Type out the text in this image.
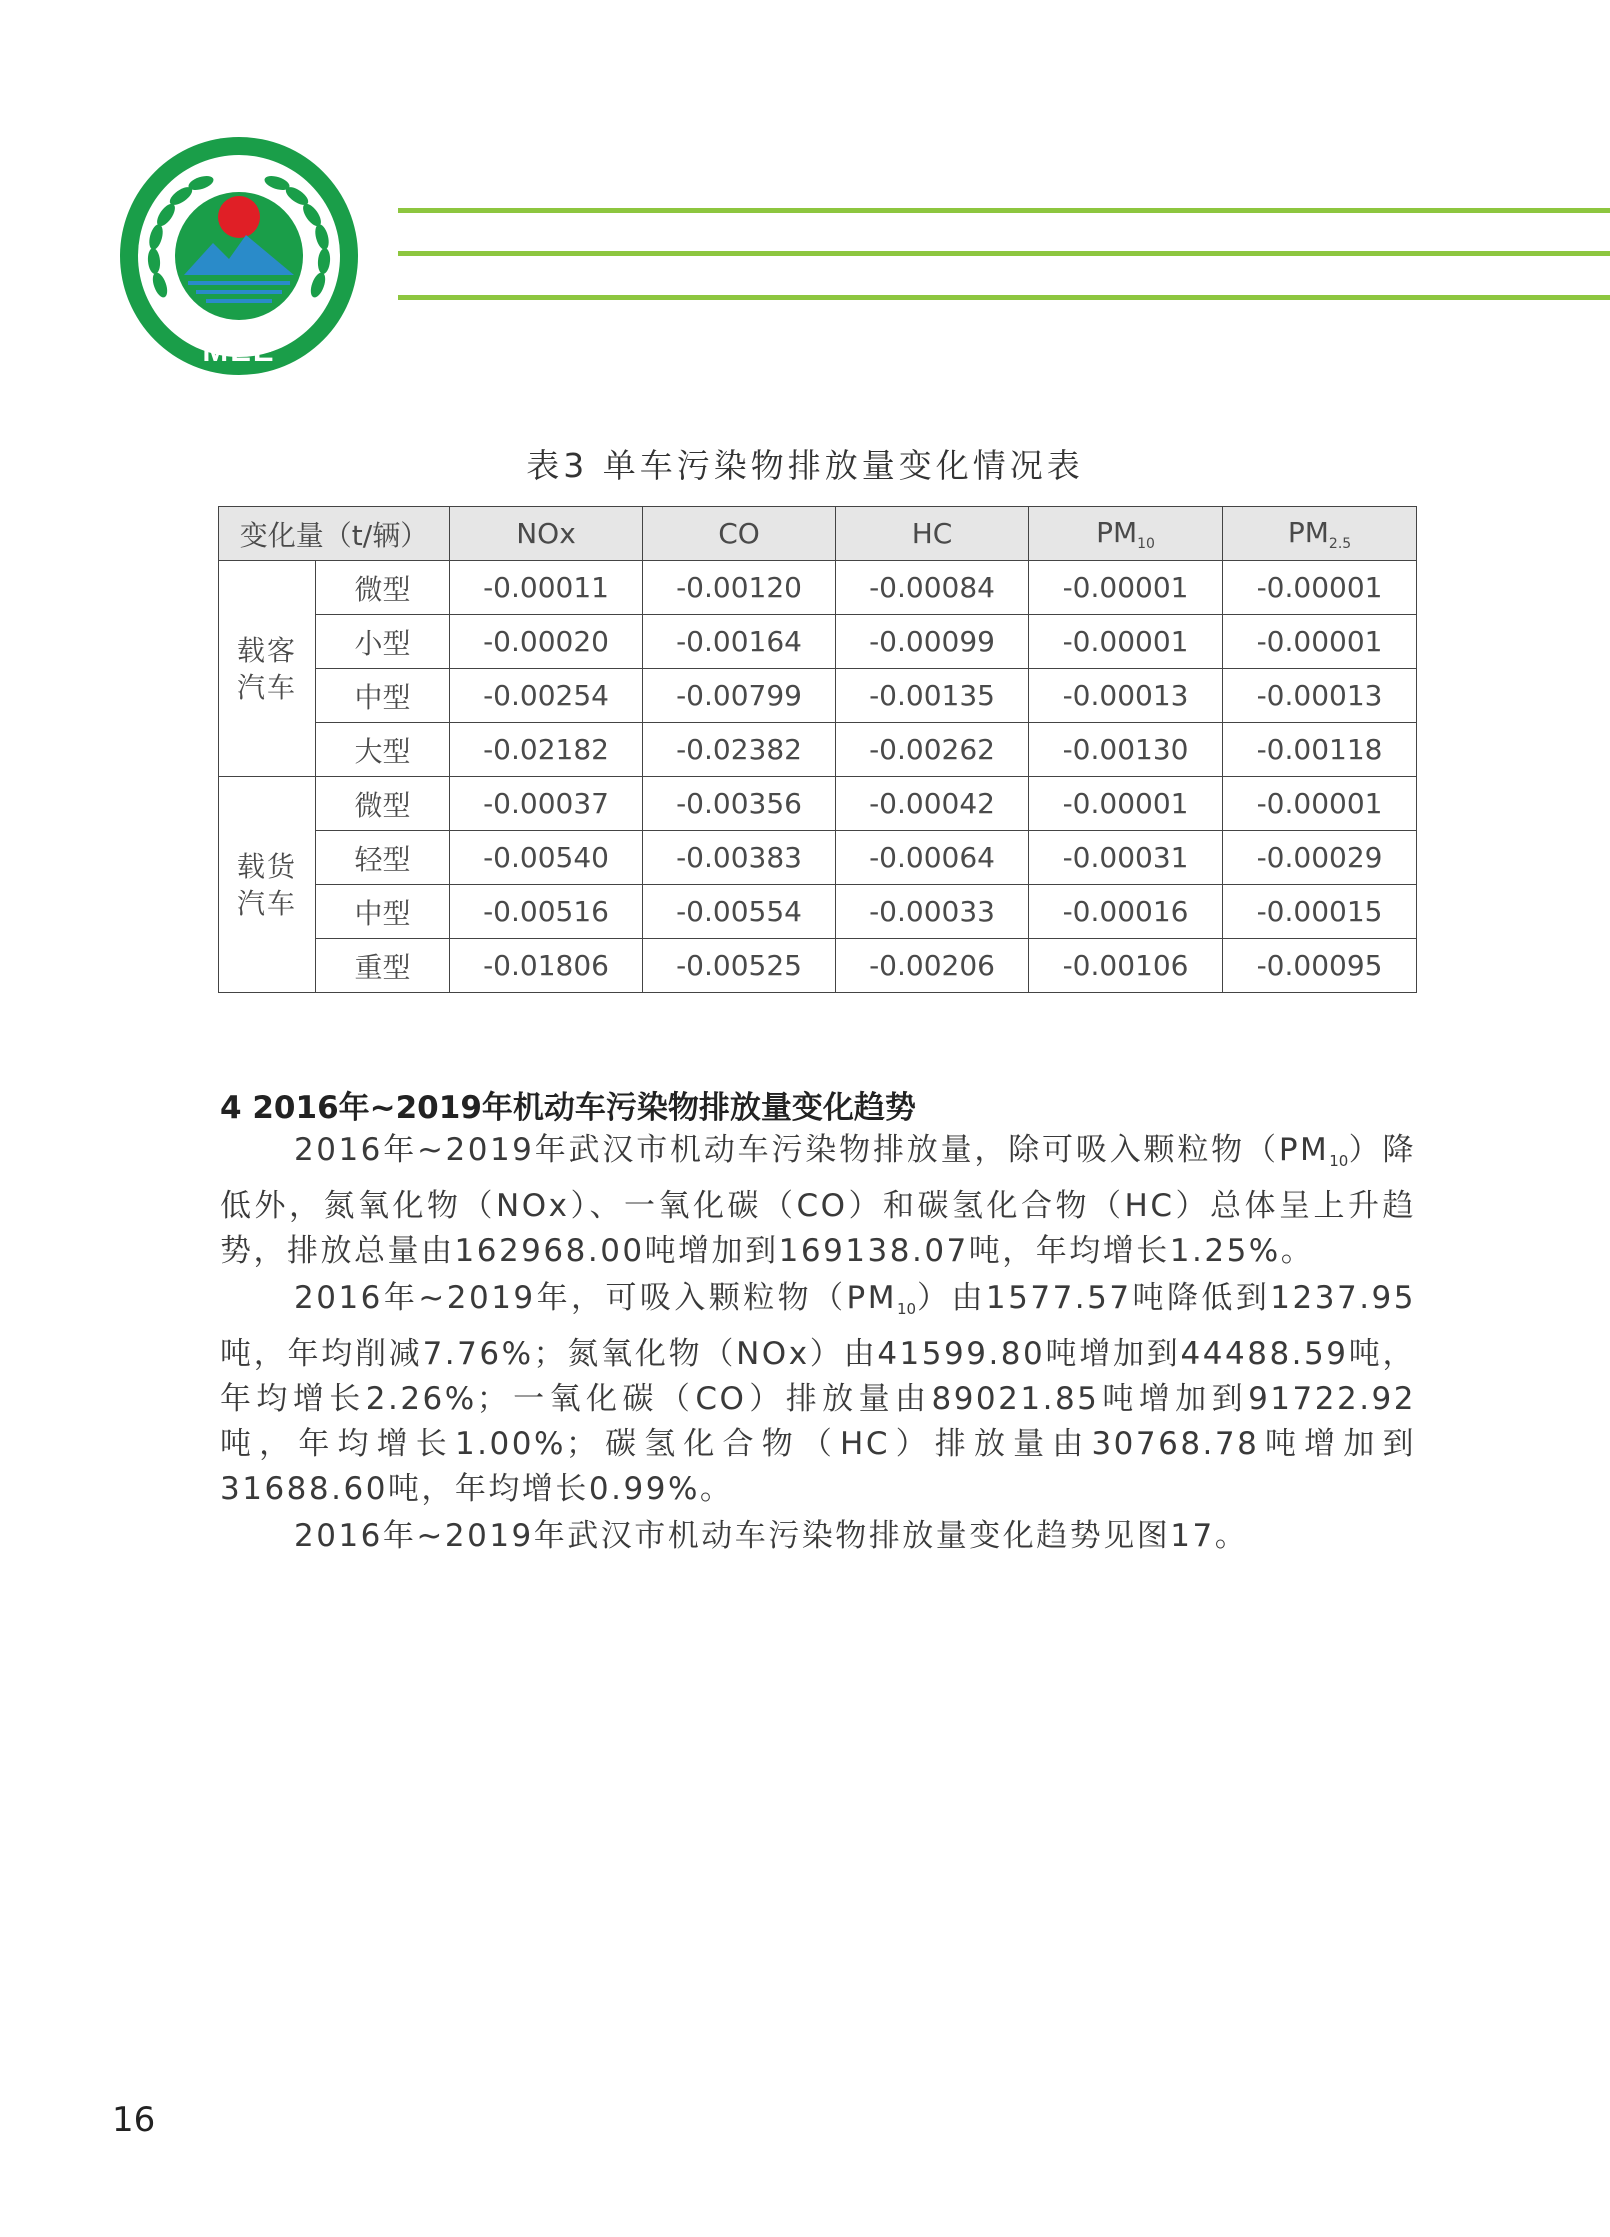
MEE
表3 单车污染物排放量变化情况表
变化量（t/辆）		NOx	CO	HC	$PM_{10}$	$PM_{2.5}$
载客
汽车	微型	-0.00011	-0.00120	-0.00084	-0.00001	-0.00001
	小型	-0.00020	-0.00164	-0.00099	-0.00001	-0.00001
	中型	-0.00254	-0.00799	-0.00135	-0.00013	-0.00013
	大型	-0.02182	-0.02382	-0.00262	-0.00130	-0.00118
载货
汽车	微型	-0.00037	-0.00356	-0.00042	-0.00001	-0.00001
	轻型	-0.00540	-0.00383	-0.00064	-0.00031	-0.00029
	中型	-0.00516	-0.00554	-0.00033	-0.00016	-0.00015
	重型	-0.01806	-0.00525	-0.00206	-0.00106	-0.00095
4 2016年~2019年机动车污染物排放量变化趋势

2016年~2019年武汉市机动车污染物排放量，除可吸入颗粒物$(PM_{10})$降低外，氮氧化物（NOx）、一氧化碳（CO）和碳氢化合物（HC）总体呈上升趋势，排放总量由162968.00吨增加到169138.07吨，年均增长1.25%。

2016年~2019年，可吸入颗粒物$(PM_{10})$由1577.57吨降低到1237.95吨，年均削减7.76%；氮氧化物（NOx）由41599.80吨增加到44488.59吨，年均增长2.26%；一氧化碳（CO）排放量由89021.85吨增加到91722.92吨，年均增长1.00%；碳氢化合物（HC）排放量由30768.78吨增加到31688.60吨，年均增长0.99%。

2016年~2019年武汉市机动车污染物排放量变化趋势见图17。

16
